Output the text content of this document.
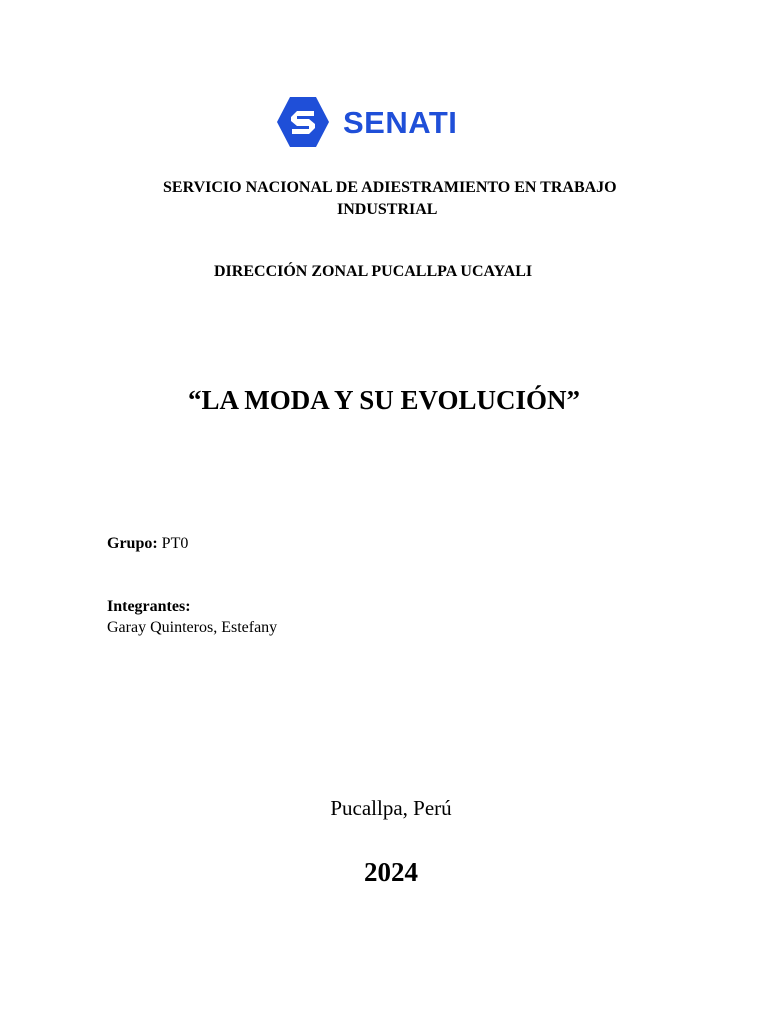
SENATI
SERVICIO NACIONAL DE ADIESTRAMIENTO EN TRABAJO
INDUSTRIAL
DIRECCIÓN ZONAL PUCALLPA UCAYALI
“LA MODA Y SU EVOLUCIÓN”
Grupo: PT0
Integrantes:
Garay Quinteros, Estefany
Pucallpa, Perú
2024
